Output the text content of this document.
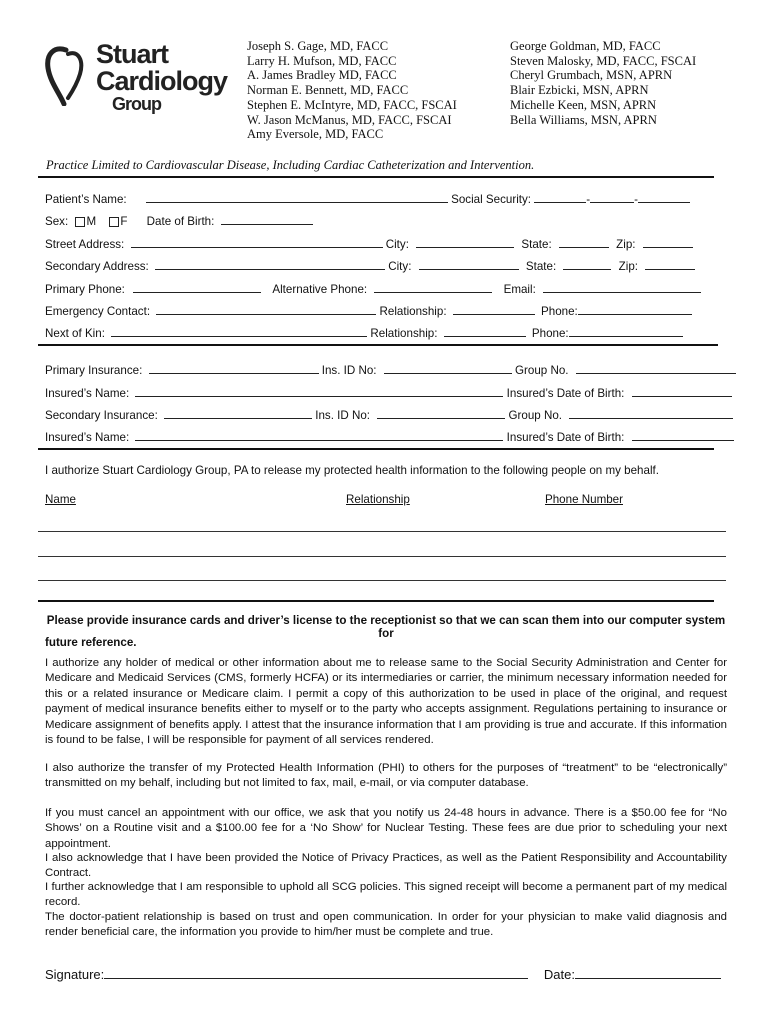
Stuart
Cardiology
Group
Joseph S. Gage, MD, FACC
Larry H. Mufson, MD, FACC
A. James Bradley MD, FACC
Norman E. Bennett, MD, FACC
Stephen E. McIntyre, MD, FACC, FSCAI
W. Jason McManus, MD, FACC, FSCAI
Amy Eversole, MD, FACC
George Goldman, MD, FACC
Steven Malosky, MD, FACC, FSCAI
Cheryl Grumbach, MSN, APRN
Blair Ezbicki, MSN, APRN
Michelle Keen, MSN, APRN
Bella Williams, MSN, APRN
Practice Limited to Cardiovascular Disease, Including Cardiac Catheterization and Intervention.
Patient’s Name:	Social Security:	-	-
Sex: M F Date of Birth:
Street Address:	City:	State:	Zip:
Secondary Address:	City:	State:	Zip:
Primary Phone:	Alternative Phone:	Email:
Emergency Contact:	Relationship:	Phone:
Next of Kin:	Relationship:	Phone:
Primary Insurance:	Ins. ID No:	Group No.
Insured’s Name:	Insured’s Date of Birth:
Secondary Insurance:	Ins. ID No:	Group No.
Insured’s Name:	Insured’s Date of Birth:
I authorize Stuart Cardiology Group, PA to release my protected health information to the following people on my behalf.
Name	Relationship	Phone Number
Please provide insurance cards and driver’s license to the receptionist so that we can scan them into our computer system for
future reference.
I authorize any holder of medical or other information about me to release same to the Social Security Administration and Center for Medicare and Medicaid Services (CMS, formerly HCFA) or its intermediaries or carrier, the minimum necessary information needed for this or a related insurance or Medicare claim. I permit a copy of this authorization to be used in place of the original, and request payment of medical insurance benefits either to myself or to the party who accepts assignment. Regulations pertaining to insurance or Medicare assignment of benefits apply. I attest that the insurance information that I am providing is true and accurate. If this information is found to be false, I will be responsible for payment of all services rendered.
I also authorize the transfer of my Protected Health Information (PHI) to others for the purposes of “treatment” to be “electronically” transmitted on my behalf, including but not limited to fax, mail, e-mail, or via computer database.
If you must cancel an appointment with our office, we ask that you notify us 24-48 hours in advance. There is a $50.00 fee for “No Shows’ on a Routine visit and a $100.00 fee for a ‘No Show’ for Nuclear Testing. These fees are due prior to scheduling your next appointment.
I also acknowledge that I have been provided the Notice of Privacy Practices, as well as the Patient Responsibility and Accountability Contract.
I further acknowledge that I am responsible to uphold all SCG policies. This signed receipt will become a permanent part of my medical record.
The doctor-patient relationship is based on trust and open communication. In order for your physician to make valid diagnosis and render beneficial care, the information you provide to him/her must be complete and true.
Signature:	Date:
